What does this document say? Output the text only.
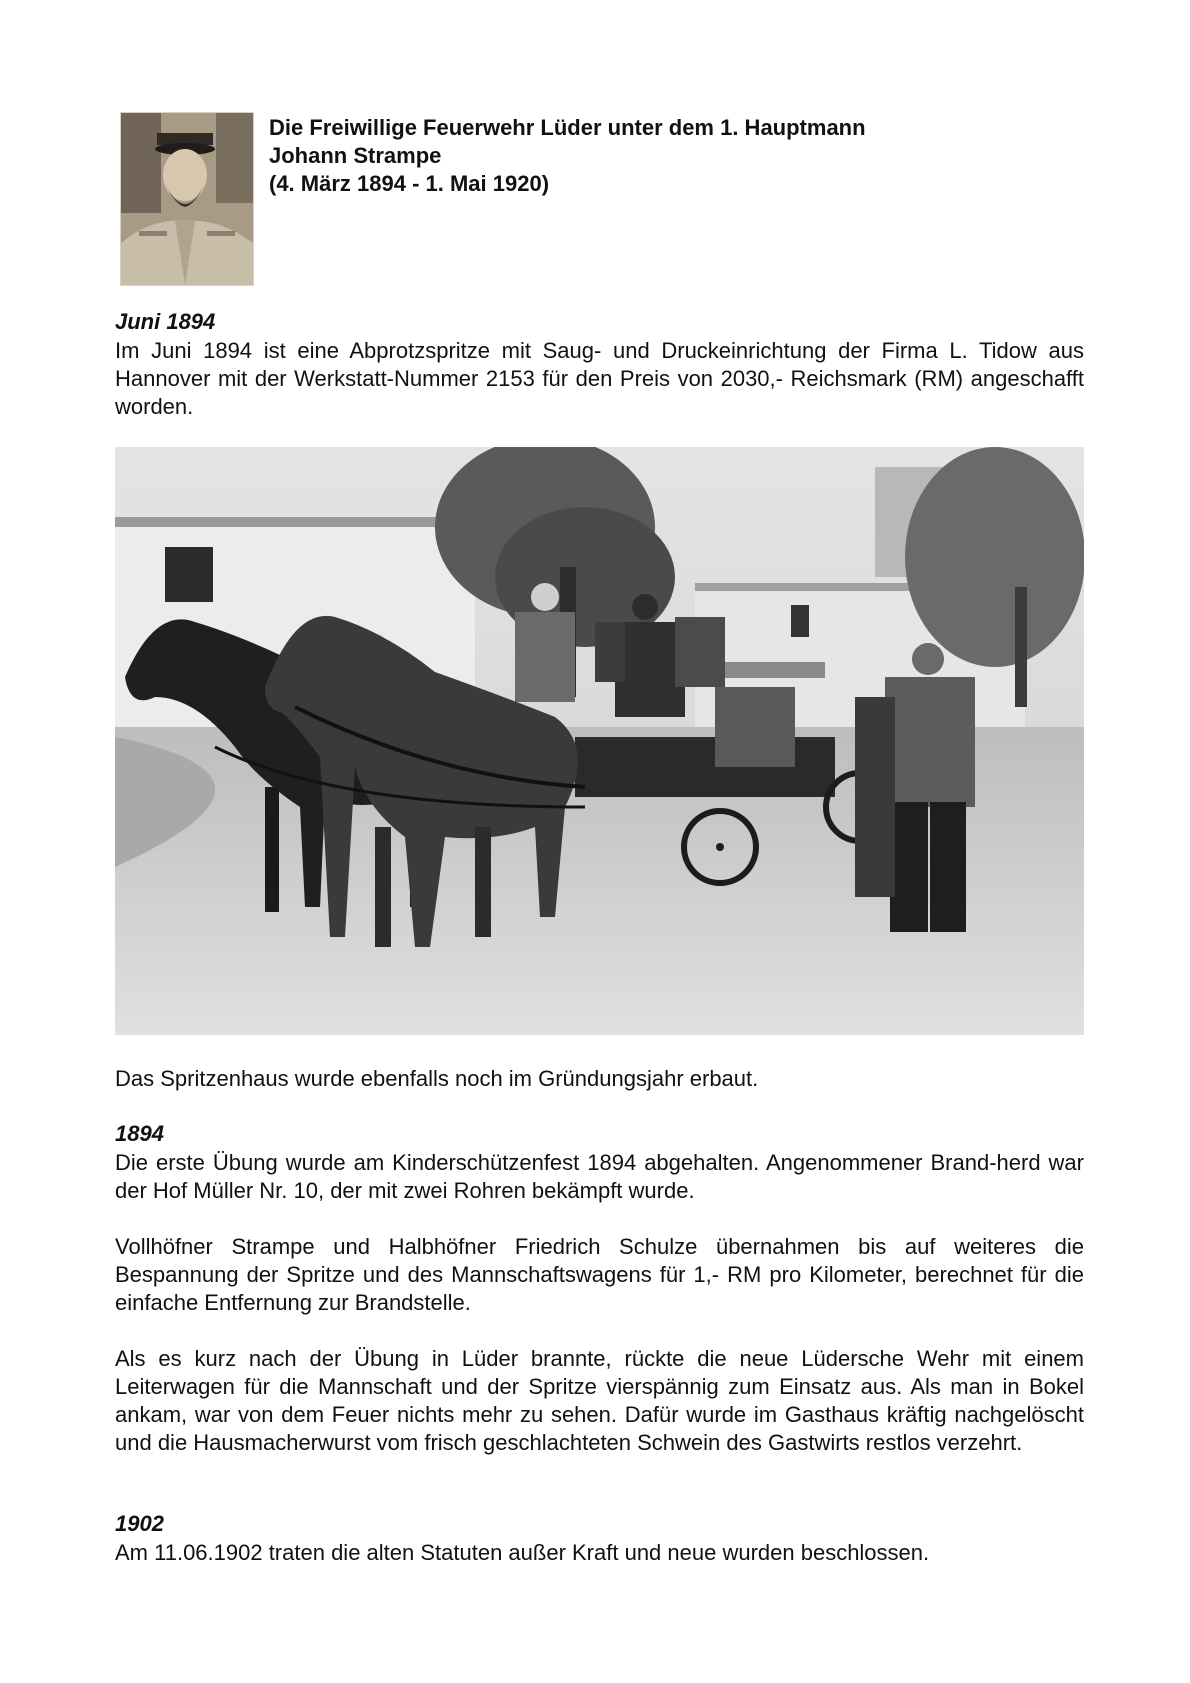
Die Freiwillige Feuerwehr Lüder unter dem 1. Hauptmann
Johann Strampe
(4. März 1894 - 1. Mai 1920)
Juni 1894
Im Juni 1894 ist eine Abprotzspritze mit Saug- und Druckeinrichtung der Firma L. Tidow aus Hannover mit der Werkstatt-Nummer 2153 für den Preis von 2030,- Reichsmark (RM) angeschafft worden.
Das Spritzenhaus wurde ebenfalls noch im Gründungsjahr erbaut.
1894
Die erste Übung wurde am Kinderschützenfest 1894 abgehalten. Angenommener Brand-herd war der Hof Müller Nr. 10, der mit zwei Rohren bekämpft wurde.
Vollhöfner Strampe und Halbhöfner Friedrich Schulze übernahmen bis auf weiteres die Bespannung der Spritze und des Mannschaftswagens für 1,- RM pro Kilometer, berechnet für die einfache Entfernung zur Brandstelle.
Als es kurz nach der Übung in Lüder brannte, rückte die neue Lüdersche Wehr mit einem Leiterwagen für die Mannschaft und der Spritze vierspännig zum Einsatz aus. Als man in Bokel ankam, war von dem Feuer nichts mehr zu sehen. Dafür wurde im Gasthaus kräftig nachgelöscht und die Hausmacherwurst vom frisch geschlachteten Schwein des Gastwirts restlos verzehrt.
1902
Am 11.06.1902 traten die alten Statuten außer Kraft und neue wurden beschlossen.
